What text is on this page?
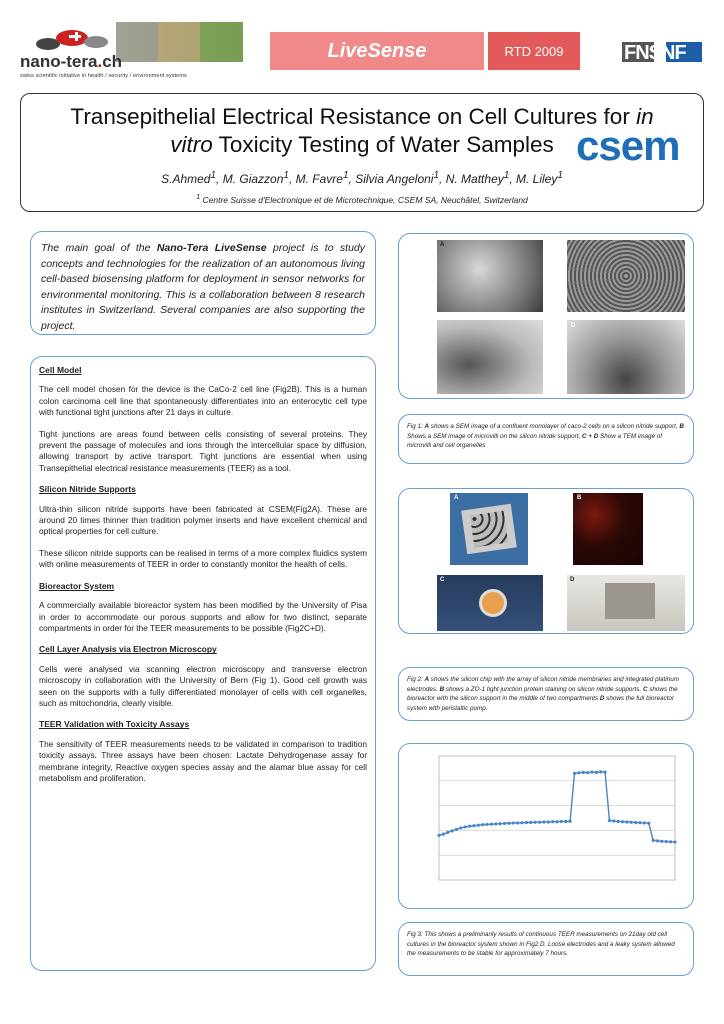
nano-tera.ch
swiss scientific initiative in health / security / environment systems
LiveSense	RTD 2009	FNSNF
Transepithelial Electrical Resistance on Cell Cultures for in
vitro Toxicity Testing of Water Samples csem
S.Ahmed$^1$, M. Giazzon$^1$, M. Favre$^1$, Silvia Angeloni$^1$, N. Matthey$^1$, M. Liley$^1$
$^1$ Centre Suisse d'Electronique et de Microtechnique, CSEM SA, Neuchâtel, Switzerland
The main goal of the Nano-Tera LiveSense project is to study concepts and technologies for the realization of an autonomous living cell-based biosensing platform for deployment in sensor networks for environmental monitoring. This is a collaboration between 8 research institutes in Switzerland. Several companies are also supporting the project.
Cell Model

The cell model chosen for the device is the CaCo-2 cell line (Fig2B). This is a human colon carcinoma cell line that spontaneously differentiates into an enterocytic cell type with functional tight junctions after 21 days in culture.

Tight junctions are areas found between cells consisting of several proteins. They prevent the passage of molecules and ions through the intercellular space by diffusion, allowing transport by active transport. Tight junctions are essential when using Transepithelial electrical resistance measurements (TEER) as a tool.

Silicon Nitride Supports

Ultra-thin silicon nitride supports have been fabricated at CSEM(Fig2A). These are around 20 times thinner than tradition polymer inserts and have excellent chemical and optical properties for cell culture.

These silicon nitride supports can be realised in terms of a more complex fluidics system with online measurements of TEER in order to constantly monitor the health of cells.

Bioreactor System

A commercially available bioreactor system has been modified by the University of Pisa in order to accommodate our porous supports and allow for two distinct, separate compartments in order for the TEER measurements to be possible (Fig2C+D).

Cell Layer Analysis via Electron Microscopy

Cells were analysed via scanning electron microscopy and transverse electron microscopy in collaboration with the University of Bern (Fig 1). Good cell growth was seen on the supports with a fully differentiated monolayer of cells with cell organelles, such as mitochondria, clearly visible.

TEER Validation with Toxicity Assays

The sensitivity of TEER measurements needs to be validated in comparison to tradition toxicity assays. Three assays have been chosen: Lactate Dehydrogenase assay for membrane integrity, Reactive oxygen species assay and the alamar blue assay for cell metabolism and proliferation.

A
D
Fig 1: A shows a SEM image of a confluent monolayer of caco-2 cells on a silicon nitride support, B Shows a SEM image of microvilli on the silicon nitride support, C + D Show a TEM image of microvilli and cell organelles
A	B
C	D
Fig 2: A shows the silicon chip with the array of silicon nitride membranes and integrated platinum electrodes. B shows a ZO-1 tight junction protein staining on silicon nitride supports. C shows the bioreactor with the silicon support in the middle of two compartments D shows the full bioreactor system with peristaltic pump.
Fig 3: This shows a preliminarily results of continuous TEER measurements on 21day old cell cultures in the bioreactor system shown in Fig2.D. Loose electrodes and a leaky system allowed the measurements to be stable for approximately 7 hours.
